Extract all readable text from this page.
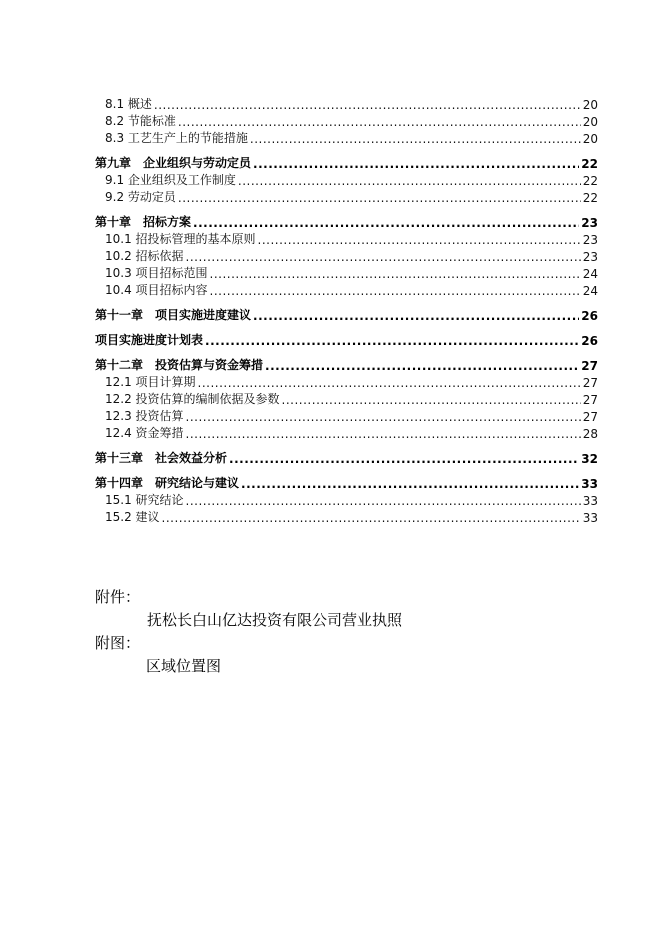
8.1 概述 .....	20
8.2 节能标准 .....	20
8.3 工艺生产上的节能措施 .....	20
第九章　企业组织与劳动定员 .....	22
9.1 企业组织及工作制度 .....	22
9.2 劳动定员 .....	22
第十章　招标方案 .....	23
10.1 招投标管理的基本原则 .....	23
10.2 招标依据 .....	23
10.3 项目招标范围 .....	24
10.4 项目招标内容 .....	24
第十一章　项目实施进度建议 .....	26
项目实施进度计划表 .....	26
第十二章　投资估算与资金筹措 .....	27
12.1 项目计算期 .....	27
12.2 投资估算的编制依据及参数 .....	27
12.3 投资估算 .....	27
12.4 资金筹措 .....	28
第十三章　社会效益分析 .....	32
第十四章　研究结论与建议 .....	33
15.1 研究结论 .....	33
15.2 建议 .....	33
附件：
抚松长白山亿达投资有限公司营业执照
附图：
区域位置图
